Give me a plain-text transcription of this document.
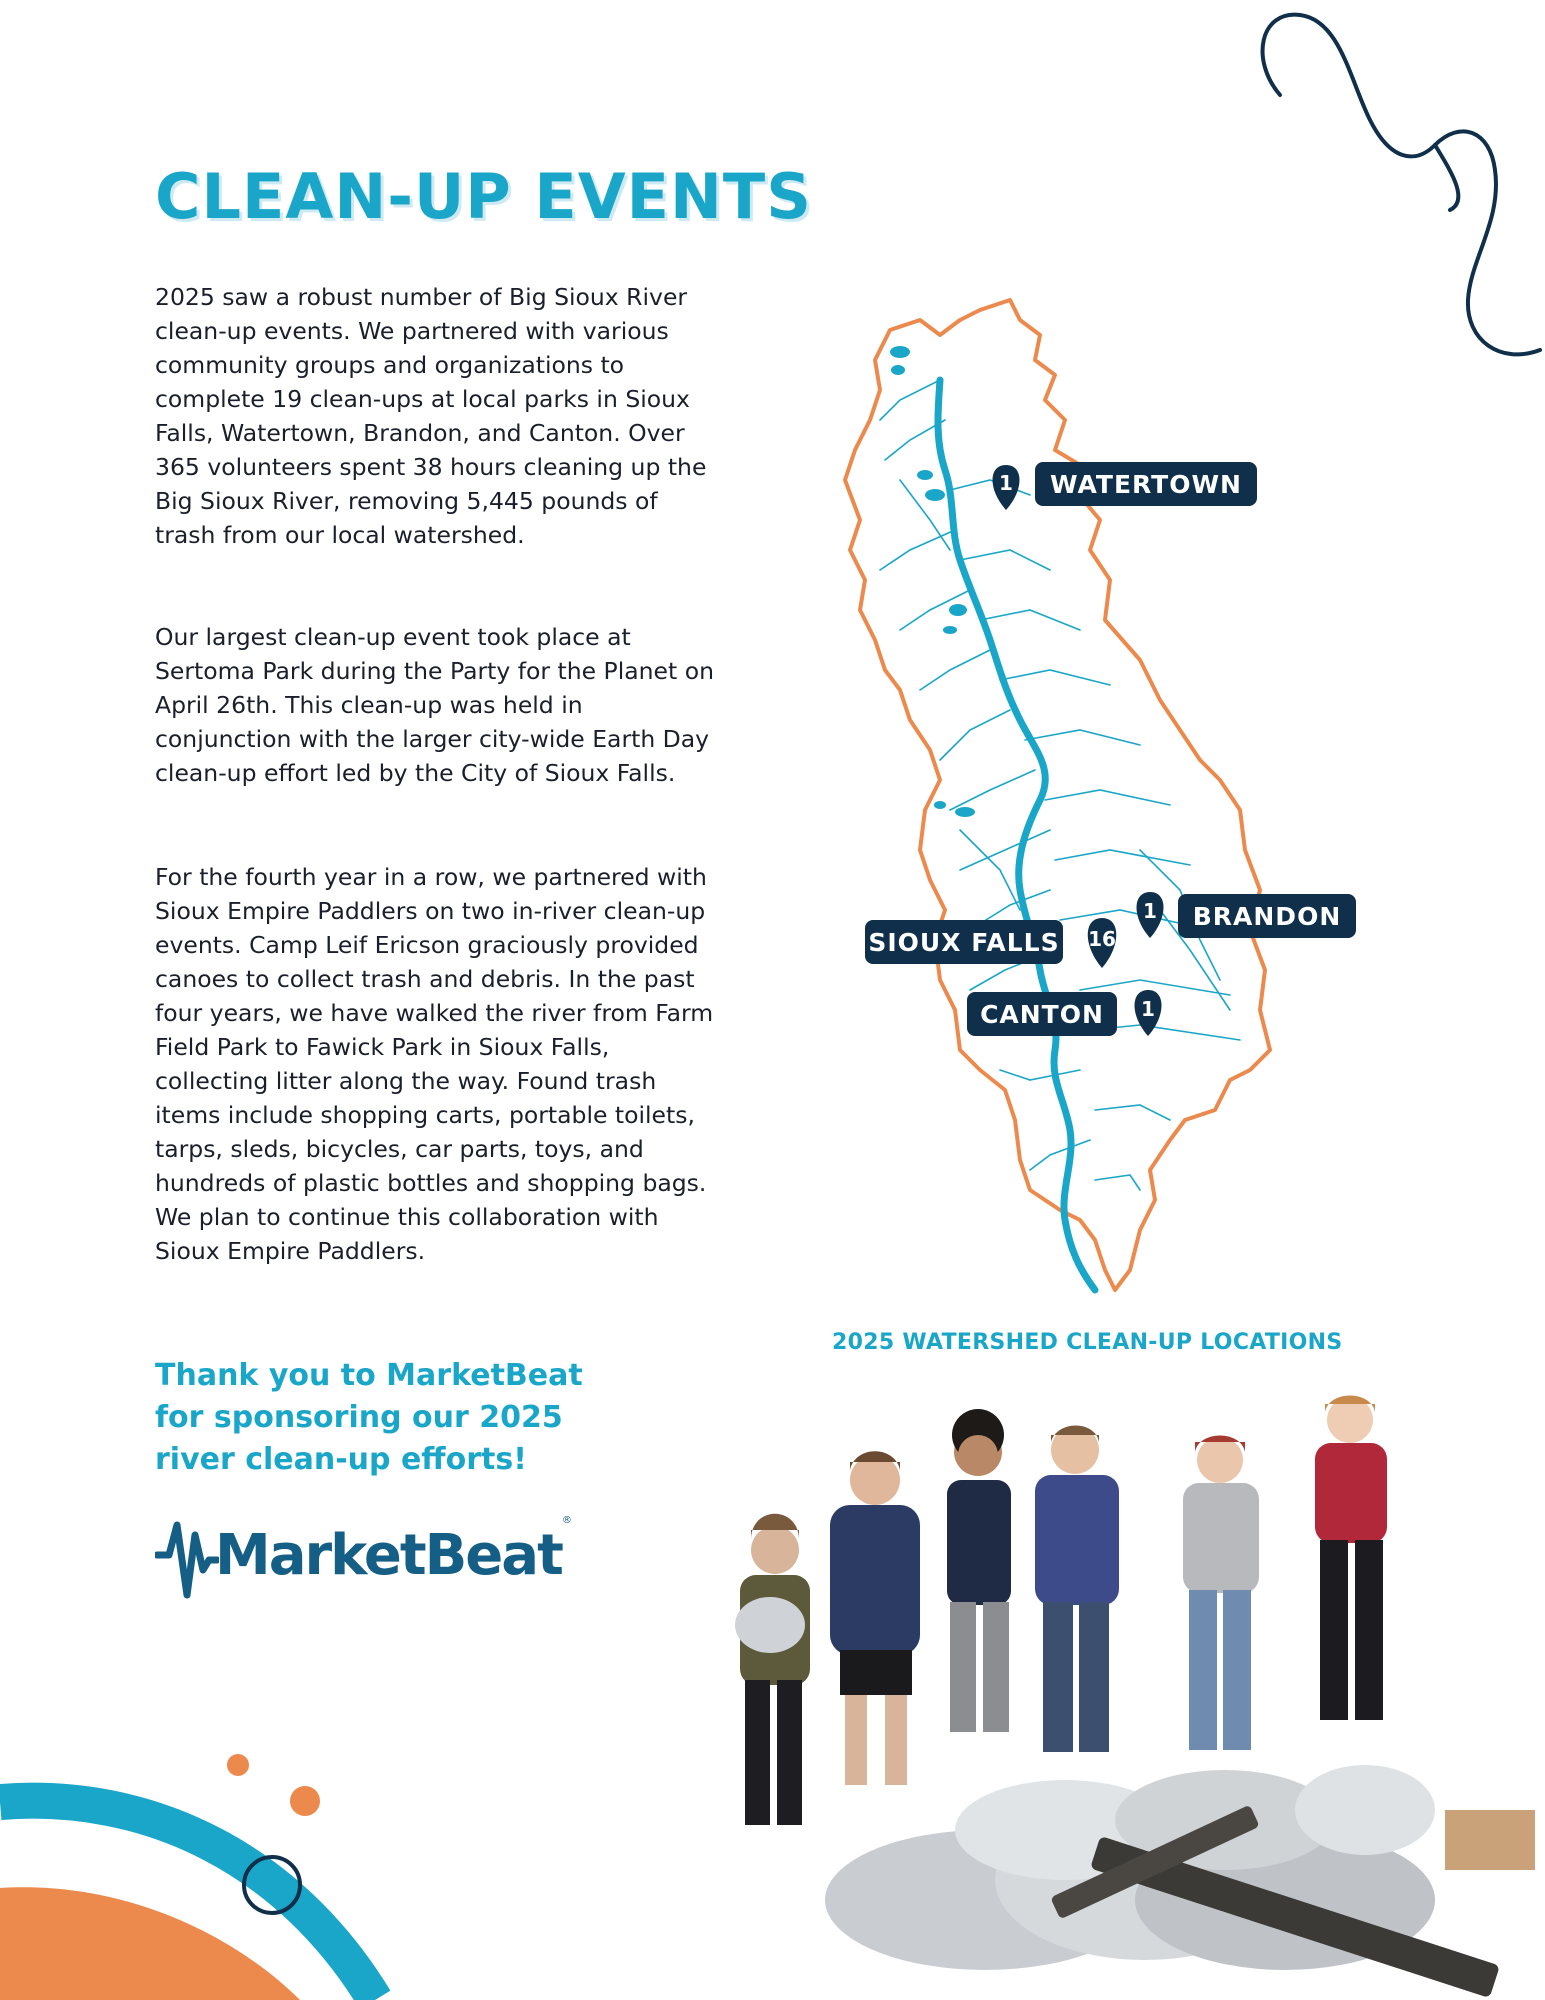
CLEAN-UP EVENTS

2025 saw a robust number of Big Sioux River clean-up events. We partnered with various community groups and organizations to complete 19 clean-ups at local parks in Sioux Falls, Watertown, Brandon, and Canton. Over 365 volunteers spent 38 hours cleaning up the Big Sioux River, removing 5,445 pounds of trash from our local watershed.

Our largest clean-up event took place at Sertoma Park during the Party for the Planet on April 26th. This clean-up was held in conjunction with the larger city-wide Earth Day clean-up effort led by the City of Sioux Falls.

For the fourth year in a row, we partnered with Sioux Empire Paddlers on two in-river clean-up events. Camp Leif Ericson graciously provided canoes to collect trash and debris. In the past four years, we have walked the river from Farm Field Park to Fawick Park in Sioux Falls, collecting litter along the way. Found trash items include shopping carts, portable toilets, tarps, sleds, bicycles, car parts, toys, and hundreds of plastic bottles and shopping bags. We plan to continue this collaboration with Sioux Empire Paddlers.

Thank you to MarketBeat for sponsoring our 2025 river clean-up efforts!

MarketBeat
®
1 WATERTOWN
1 BRANDON
16
SIOUX FALLS
1
CANTON
2025 WATERSHED CLEAN-UP LOCATIONS
